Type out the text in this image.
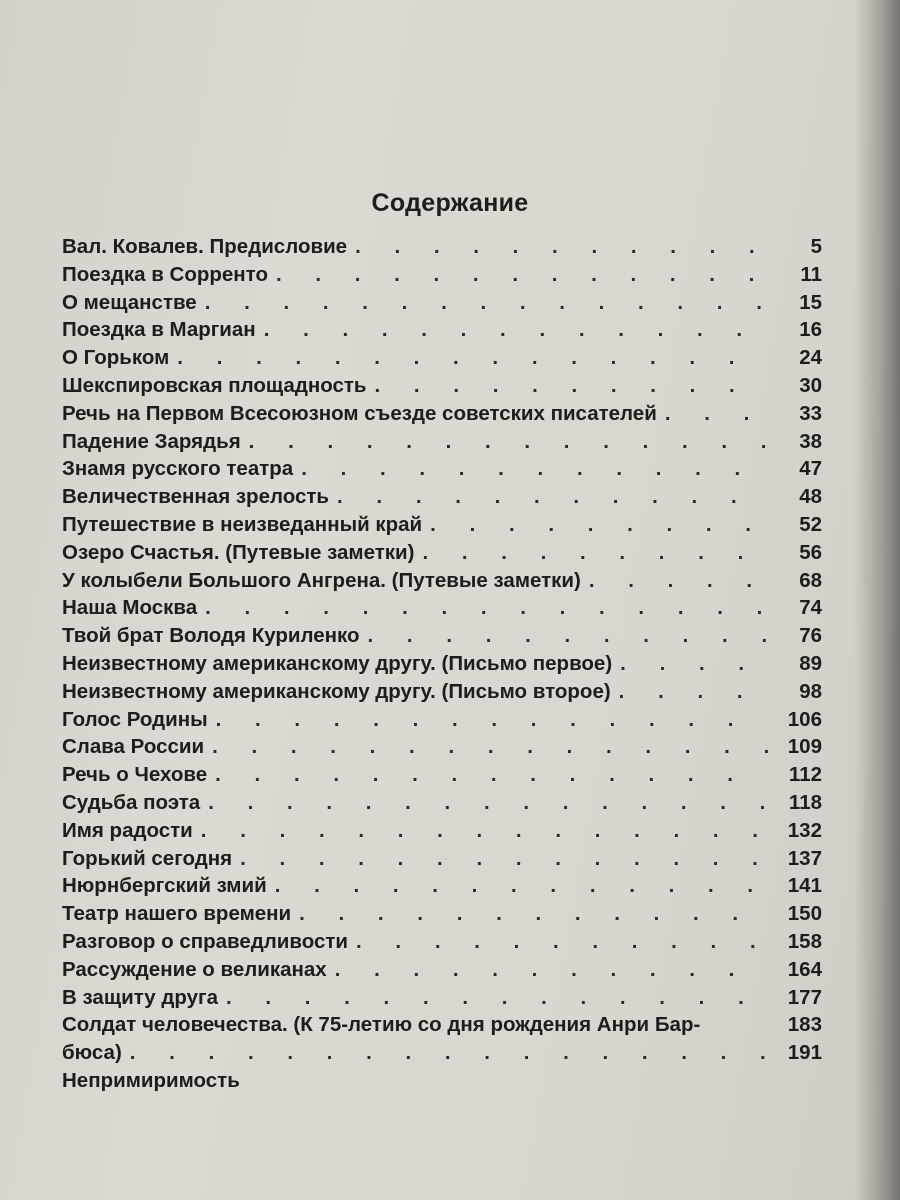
Содержание
Вал. Ковалев. Предисловие . . .	5
Поездка в Сорренто . . .	11
О мещанстве . . .	15
Поездка в Маргиан . . .	16
О Горьком . . .	24
Шекспировская площадность . . .	30
Речь на Первом Всесоюзном съезде советских писателей . . .	33
Падение Зарядья . . .	38
Знамя русского театра . . .	47
Величественная зрелость . . .	48
Путешествие в неизведанный край . . .	52
Озеро Счастья. (Путевые заметки) . . .	56
У колыбели Большого Ангрена. (Путевые заметки) . . .	68
Наша Москва . . .	74
Твой брат Володя Куриленко . . .	76
Неизвестному американскому другу. (Письмо первое) . . .	89
Неизвестному американскому другу. (Письмо второе) . . .	98
Голос Родины . . .	106
Слава России . . .	109
Речь о Чехове . . .	112
Судьба поэта . . .	118
Имя радости . . .	132
Горький сегодня . . .	137
Нюрнбергский змий . . .	141
Театр нашего времени . . .	150
Разговор о справедливости . . .	158
Рассуждение о великанах . . .	164
В защиту друга . . .	177
Солдат человечества. (К 75-летию со дня рождения Анри Бар-	183
бюса) . . .	191
Непримиримость
